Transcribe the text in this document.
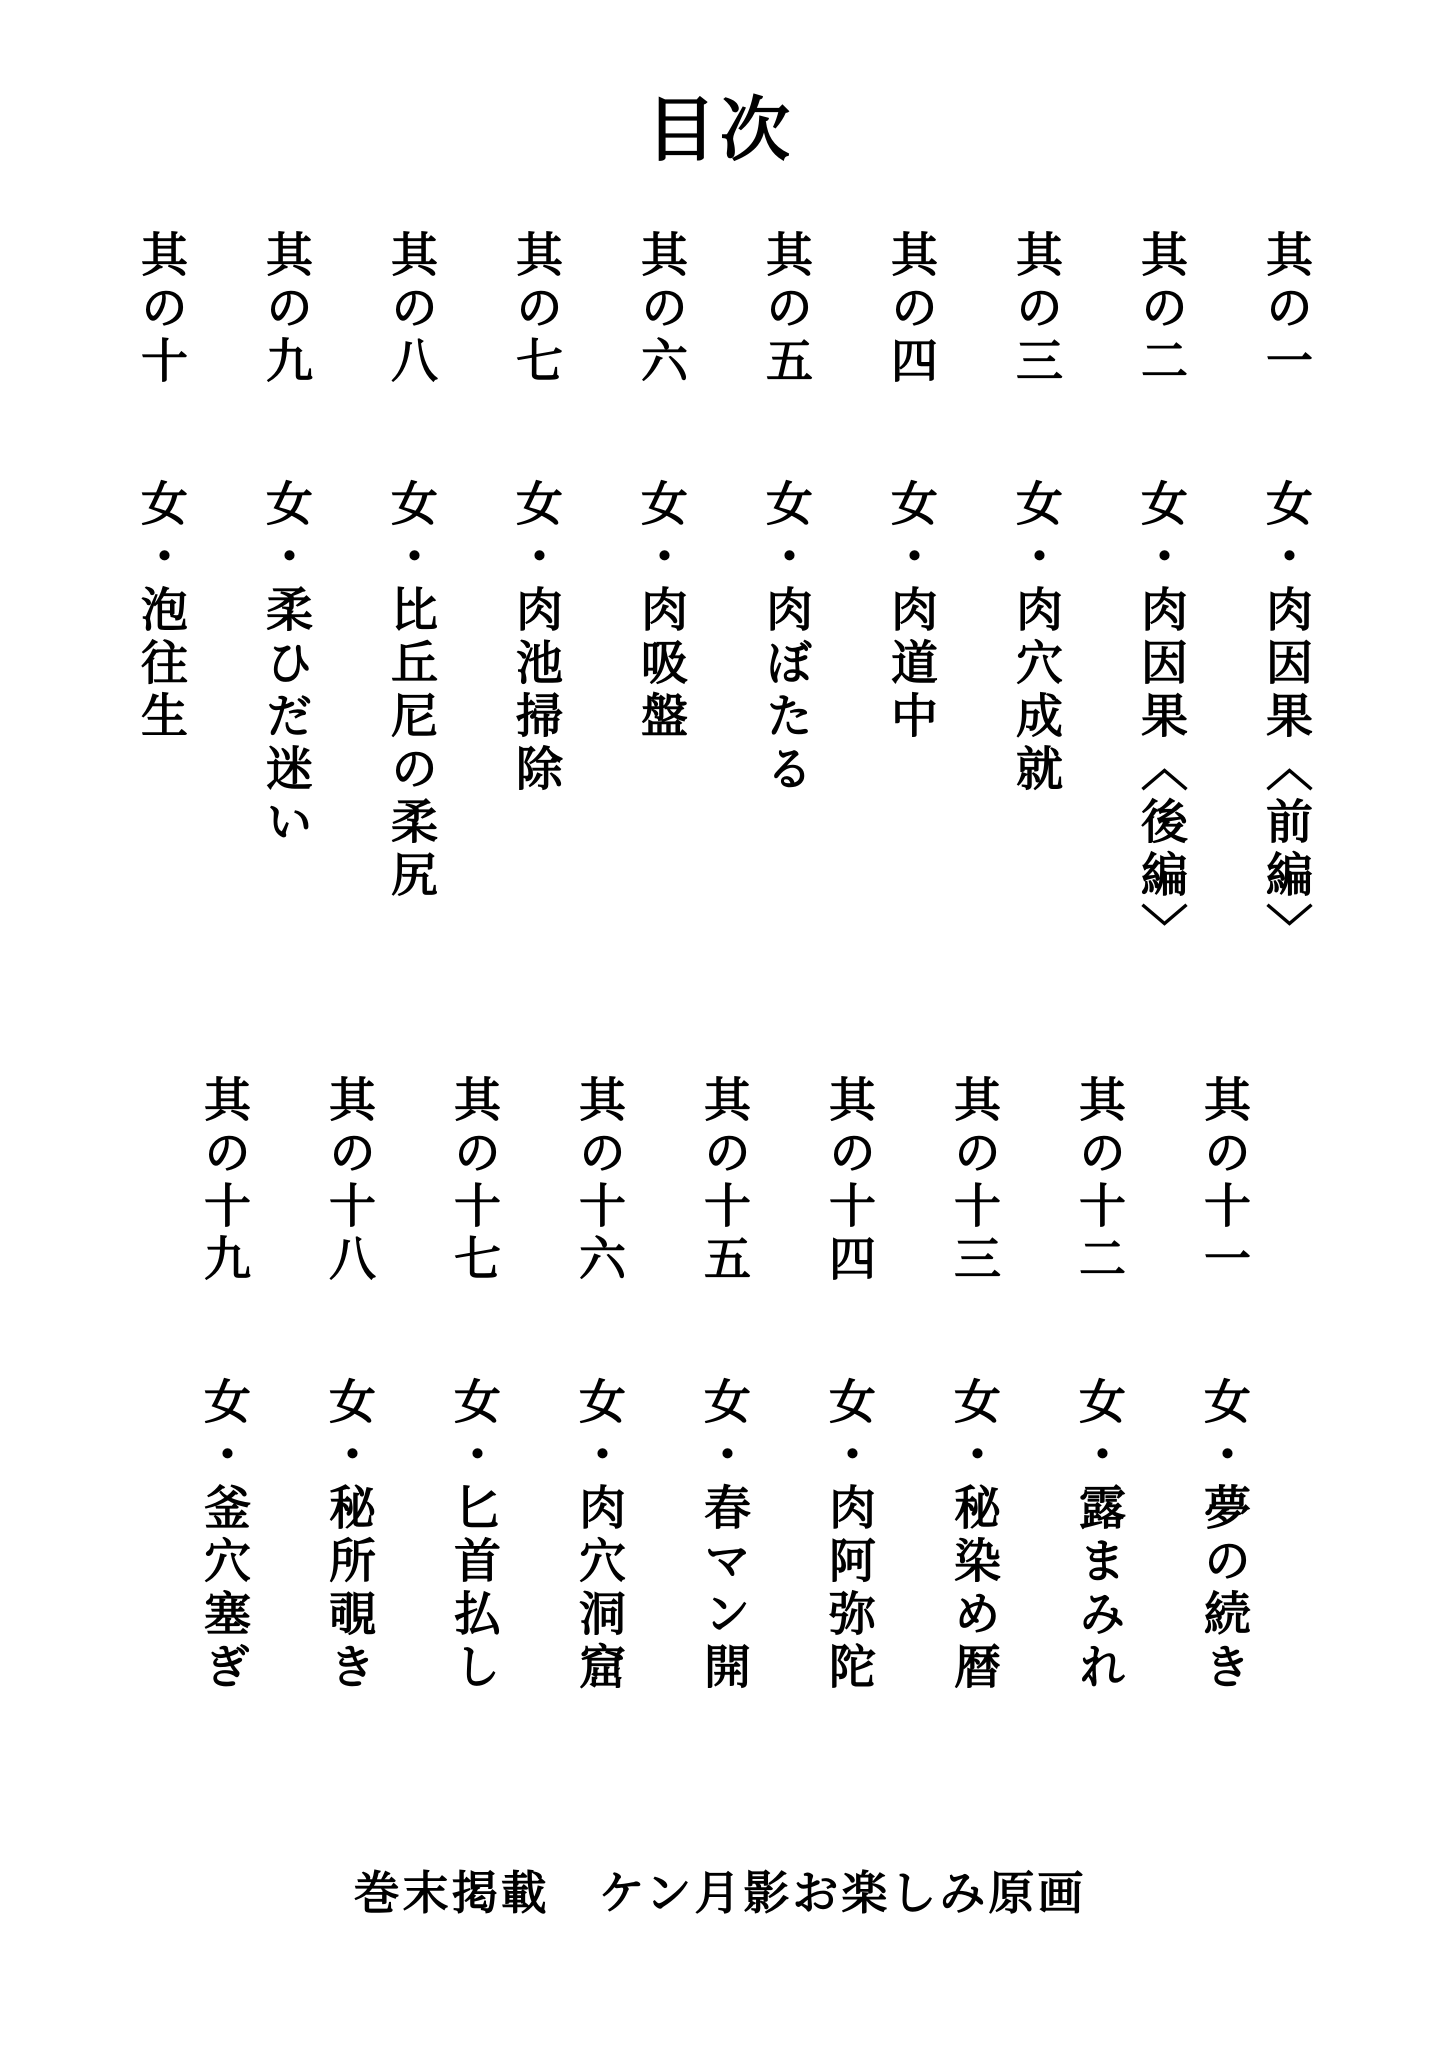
目次
其の一女・肉因果〈前編〉
其の二女・肉因果〈後編〉
其の三女・肉穴成就
其の四女・肉道中
其の五女・肉ぼたる
其の六女・肉吸盤
其の七女・肉池掃除
其の八女・比丘尼の柔尻
其の九女・柔ひだ迷い
其の十女・泡往生
其の十一女・夢の続き
其の十二女・露まみれ
其の十三女・秘染め暦
其の十四女・肉阿弥陀
其の十五女・春マン開
其の十六女・肉穴洞窟
其の十七女・匕首払し
其の十八女・秘所覗き
其の十九女・釜穴塞ぎ
巻末掲載　ケン月影お楽しみ原画
